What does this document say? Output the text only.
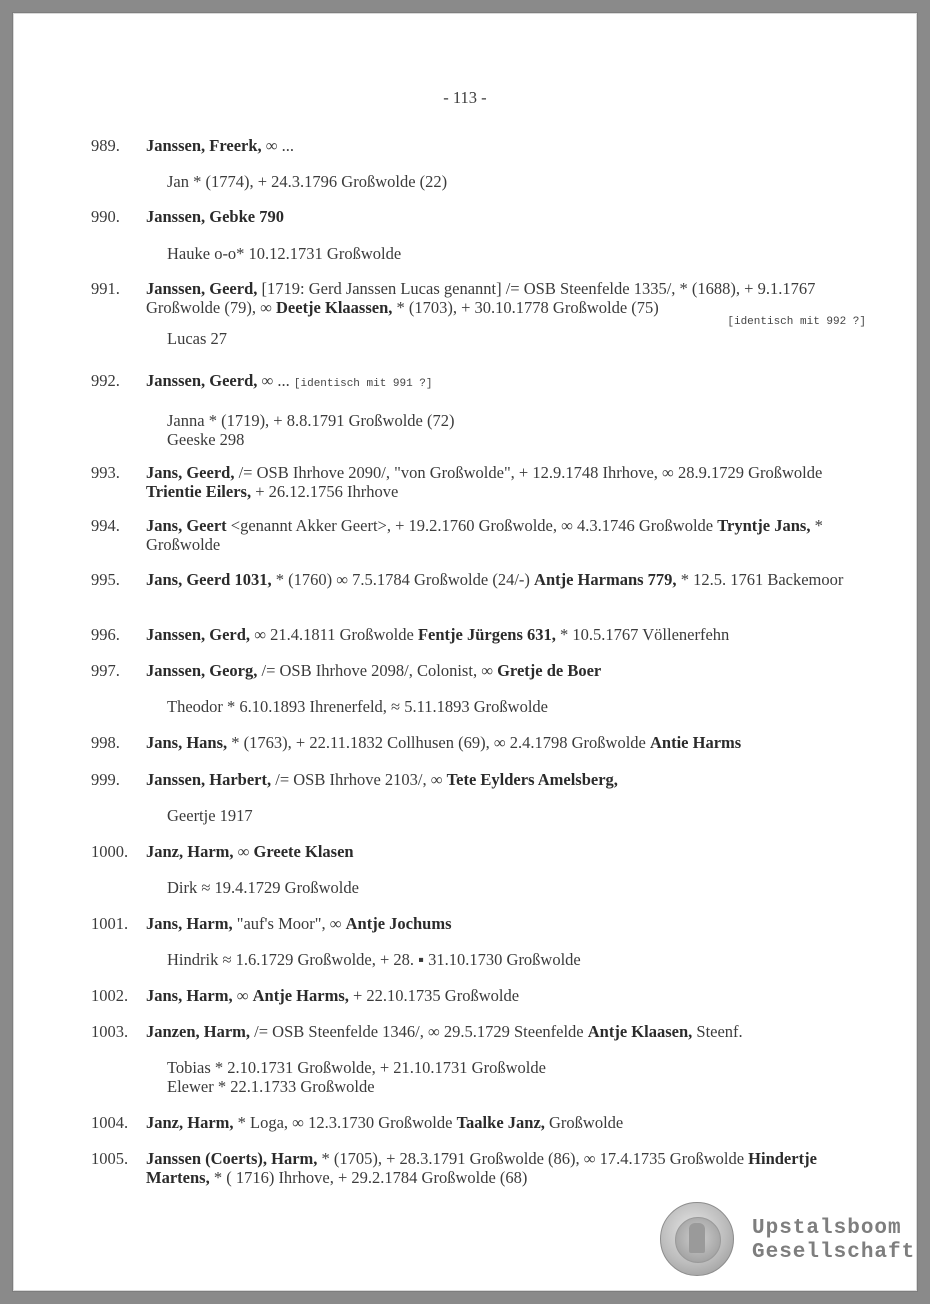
- 113 -
989. Janssen, Freerk, ∞ ...
Jan * (1774), + 24.3.1796 Großwolde (22)
990. Janssen, Gebke 790
Hauke o-o* 10.12.1731 Großwolde
991. Janssen, Geerd, [1719: Gerd Janssen Lucas genannt] /= OSB Steenfelde 1335/, * (1688), + 9.1.1767 Großwolde (79), ∞ Deetje Klaassen, * (1703), + 30.10.1778 Großwolde (75)
[identisch mit 992 ?]
Lucas 27
992. Janssen, Geerd, ∞ ... [identisch mit 991 ?]
Janna * (1719), + 8.8.1791 Großwolde (72)
Geeske 298
993. Jans, Geerd, /= OSB Ihrhove 2090/, "von Großwolde", + 12.9.1748 Ihrhove, ∞ 28.9.1729 Großwolde Trientie Eilers, + 26.12.1756 Ihrhove
994. Jans, Geert <genannt Akker Geert>, + 19.2.1760 Großwolde, ∞ 4.3.1746 Großwolde Tryntje Jans, * Großwolde
995. Jans, Geerd 1031, * (1760) ∞ 7.5.1784 Großwolde (24/-) Antje Harmans 779, * 12.5. 1761 Backemoor
996. Janssen, Gerd, ∞ 21.4.1811 Großwolde Fentje Jürgens 631, * 10.5.1767 Völlenerfehn
997. Janssen, Georg, /= OSB Ihrhove 2098/, Colonist, ∞ Gretje de Boer
Theodor * 6.10.1893 Ihrenerfeld, ≈ 5.11.1893 Großwolde
998. Jans, Hans, * (1763), + 22.11.1832 Collhusen (69), ∞ 2.4.1798 Großwolde Antie Harms
999. Janssen, Harbert, /= OSB Ihrhove 2103/, ∞ Tete Eylders Amelsberg,
Geertje 1917
1000. Janz, Harm, ∞ Greete Klasen
Dirk ≈ 19.4.1729 Großwolde
1001. Jans, Harm, "auf's Moor", ∞ Antje Jochums
Hindrik ≈ 1.6.1729 Großwolde, + 28. ▪ 31.10.1730 Großwolde
1002. Jans, Harm, ∞ Antje Harms, + 22.10.1735 Großwolde
1003. Janzen, Harm, /= OSB Steenfelde 1346/, ∞ 29.5.1729 Steenfelde Antje Klaasen, Steenf.
Tobias * 2.10.1731 Großwolde, + 21.10.1731 Großwolde
Elewer * 22.1.1733 Großwolde
1004. Janz, Harm, * Loga, ∞ 12.3.1730 Großwolde Taalke Janz, Großwolde
1005. Janssen (Coerts), Harm, * (1705), + 28.3.1791 Großwolde (86), ∞ 17.4.1735 Großwolde Hindertje Martens, * ( 1716) Ihrhove, + 29.2.1784 Großwolde (68)
Upstalsboom
Gesellschaft
